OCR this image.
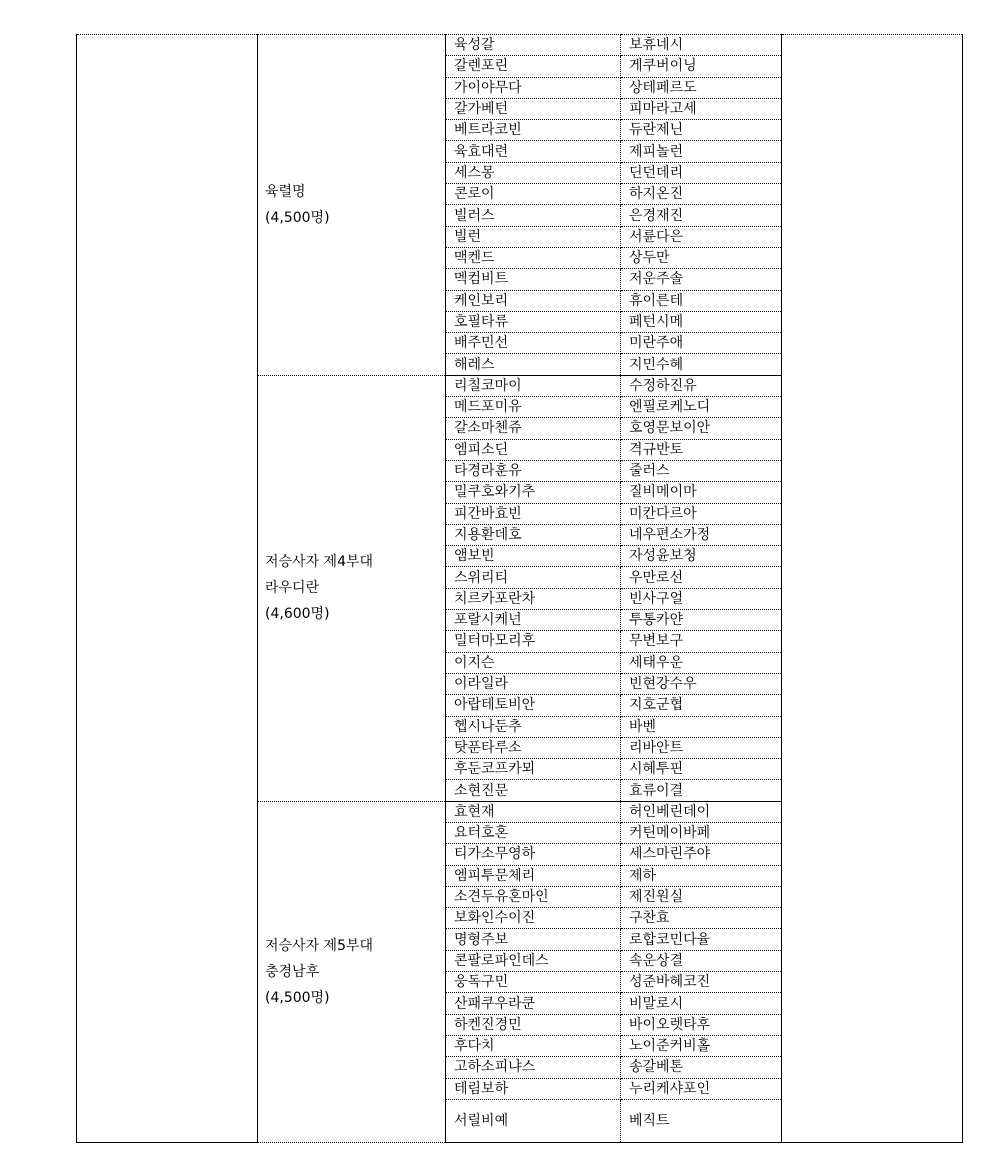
	육렬명
(4,500명)	육성갈	보휴네시	
		갈렌포린	게쿠버이닝	
		가이야무다	상테페르도	
		갈가베턴	피마라고세	
		베트라코빈	듀란제닌	
		육효대련	제피놀런	
		세스몽	딘던데리	
		콘로이	하지온진	
		빌러스	은경재진	
		빌런	서륜다은	
		맥켄드	상두만	
		멕컴비트	저운주솔	
		케인보리	휴이른테	
		호필타류	페턴시메	
		배주민선	미란주애	
		해레스	지민수혜	

	저승사자 제4부대
라우디란
(4,600명)	리칠코마이	수정하진유	
		메드포미유	엔필로케노디	
		갈소마첸쥬	호영문보이안	
		엠피소딘	격규반토	
		타경라훈유	줄러스	
		밀쿠호와기추	질비메이마	
		피간바효빈	미칸다르아	
		지용환데호	네우편소가정	
		앰보빈	자성윤보청	
		스위리티	우만로선	
		치르카포란차	빈사구얼	
		포랄시케넌	투통카얀	
		밀터마모리후	무변보구	
		이지슨	세태우운	
		이라일라	빈현강수우	
		아랍테토비안	지호군협	
		헵시나둔추	바벤	
		탓푼타루소	리바안트	
		후둔코프카뫼	시혜투핀	
		소현진문	효류이결	

	저승사자 제5부대
충경남후
(4,500명)	효현재	허인베린데이	
		요터호혼	커틴메이바페	
		티가소무영하	세스마린주야	
		엠피투문체리	제하	
		소견두유혼마인	제진원실	
		보화인수이진	구찬효	
		명형주보	로합코민다율	
		콘팔로파인데스	속운상결	
		웅독구민	성준바혜코진	
		산패쿠우라쿤	비말로시	
		하켄진경민	바이오렛타후	
		후다치	노이준커비홀	
		고하소피냐스	송갈베톤	
		테림보하	누리케샤포인	
		서릴비예	베직트	
